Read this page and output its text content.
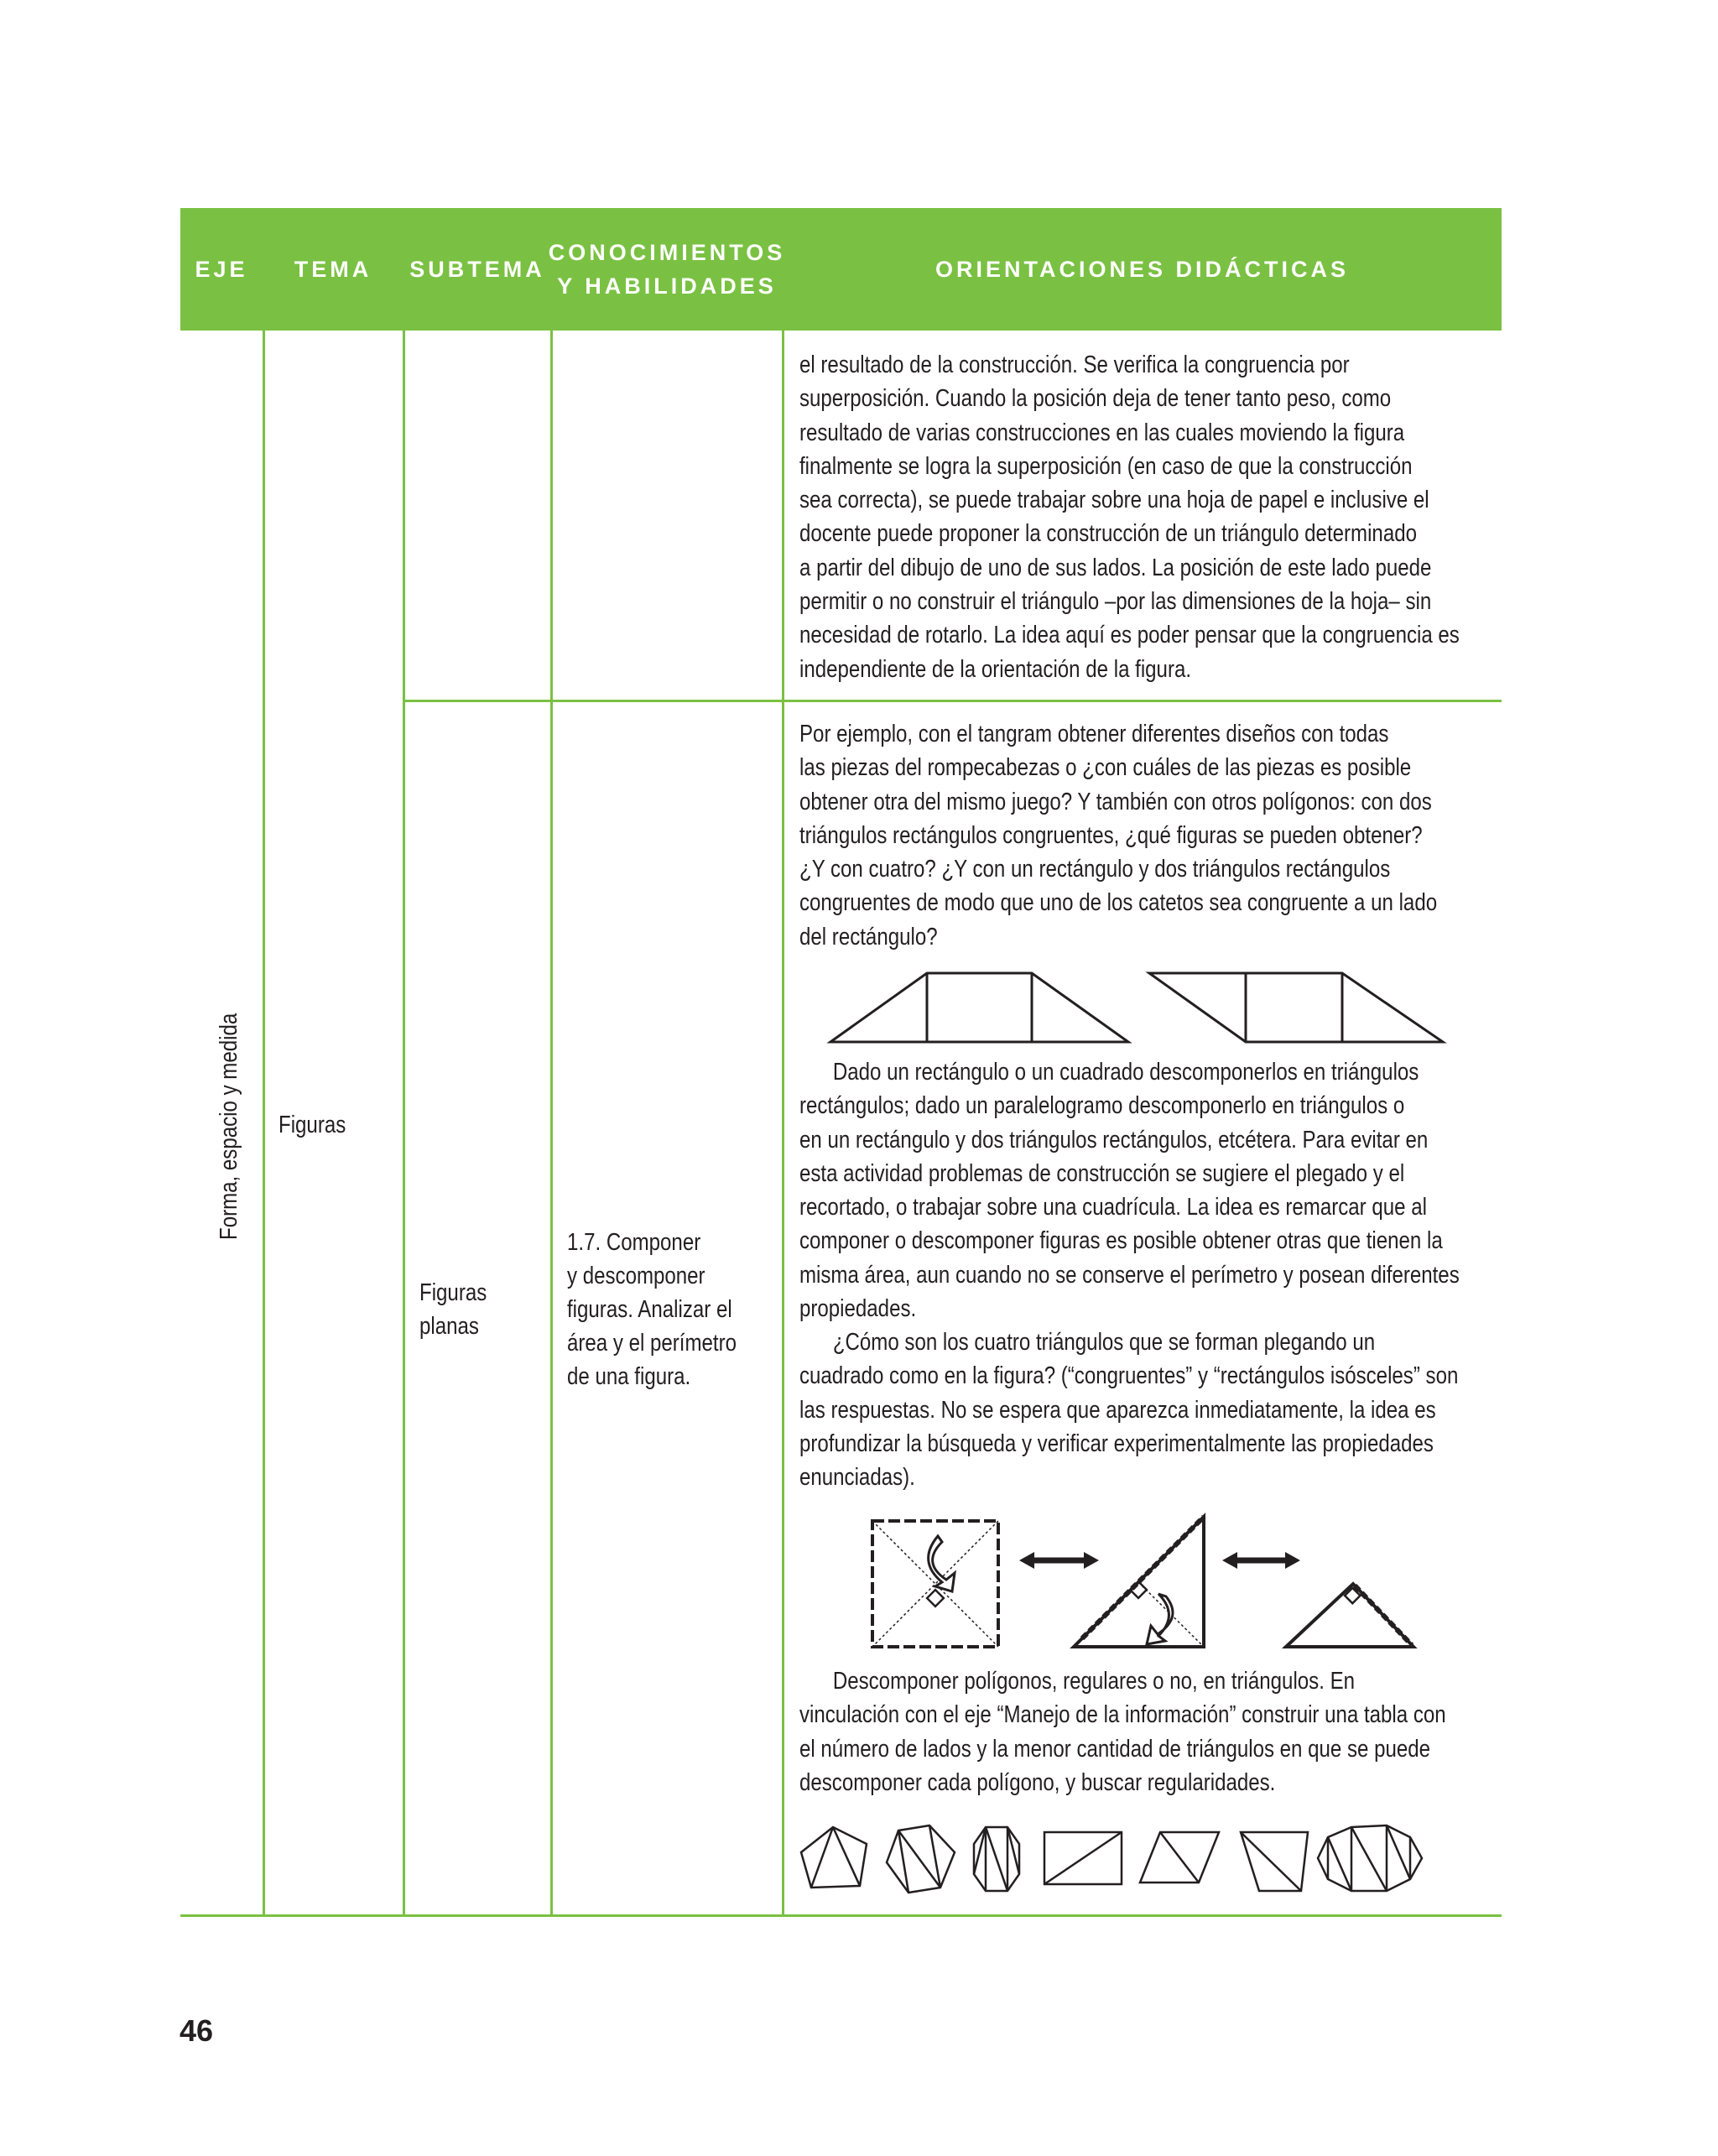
EJE	TEMA	SUBTEMA
CONOCIMIENTOS
Y HABILIDADES
ORIENTACIONES DIDÁCTICAS
Forma, espacio y medida Figuras
Figuras
planas
1.7. Componer
y descomponer
figuras. Analizar el
área y el perímetro
de una figura.

el resultado de la construcción. Se verifica la congruencia por

superposición. Cuando la posición deja de tener tanto peso, como

resultado de varias construcciones en las cuales moviendo la figura

finalmente se logra la superposición (en caso de que la construcción

sea correcta), se puede trabajar sobre una hoja de papel e inclusive el

docente puede proponer la construcción de un triángulo determinado

a partir del dibujo de uno de sus lados. La posición de este lado puede

permitir o no construir el triángulo –por las dimensiones de la hoja– sin

necesidad de rotarlo. La idea aquí es poder pensar que la congruencia es

independiente de la orientación de la figura.

Por ejemplo, con el tangram obtener diferentes diseños con todas

las piezas del rompecabezas o ¿con cuáles de las piezas es posible

obtener otra del mismo juego? Y también con otros polígonos: con dos

triángulos rectángulos congruentes, ¿qué figuras se pueden obtener?

¿Y con cuatro? ¿Y con un rectángulo y dos triángulos rectángulos

congruentes de modo que uno de los catetos sea congruente a un lado

del rectángulo?

Dado un rectángulo o un cuadrado descomponerlos en triángulos

rectángulos; dado un paralelogramo descomponerlo en triángulos o

en un rectángulo y dos triángulos rectángulos, etcétera. Para evitar en

esta actividad problemas de construcción se sugiere el plegado y el

recortado, o trabajar sobre una cuadrícula. La idea es remarcar que al

componer o descomponer figuras es posible obtener otras que tienen la

misma área, aun cuando no se conserve el perímetro y posean diferentes

propiedades.

¿Cómo son los cuatro triángulos que se forman plegando un

cuadrado como en la figura? (“congruentes” y “rectángulos isósceles” son

las respuestas. No se espera que aparezca inmediatamente, la idea es

profundizar la búsqueda y verificar experimentalmente las propiedades

enunciadas).

Descomponer polígonos, regulares o no, en triángulos. En

vinculación con el eje “Manejo de la información” construir una tabla con

el número de lados y la menor cantidad de triángulos en que se puede

descomponer cada polígono, y buscar regularidades.

46
